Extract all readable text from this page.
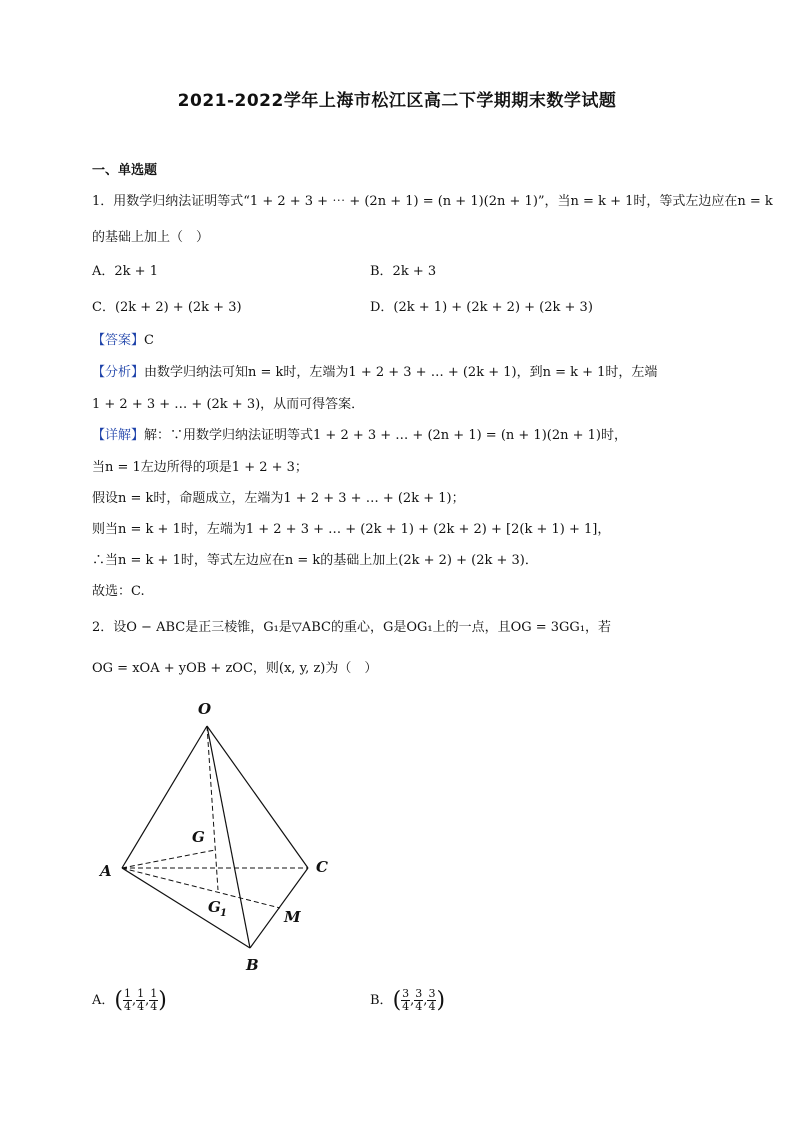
2021-2022学年上海市松江区高二下学期期末数学试题
一、单选题
1．用数学归纳法证明等式“1 + 2 + 3 + ⋯ + (2n + 1) = (n + 1)(2n + 1)”，当n = k + 1时，等式左边应在n = k
的基础上加上（　）
A．2k + 1	B．2k + 3
C．(2k + 2) + (2k + 3)	D．(2k + 1) + (2k + 2) + (2k + 3)
【答案】C
【分析】由数学归纳法可知n = k时，左端为1 + 2 + 3 + … + (2k + 1)，到n = k + 1时，左端
1 + 2 + 3 + … + (2k + 3)，从而可得答案．
【详解】解：∵用数学归纳法证明等式1 + 2 + 3 + … + (2n + 1) = (n + 1)(2n + 1)时，
当n = 1左边所得的项是1 + 2 + 3；
假设n = k时，命题成立，左端为1 + 2 + 3 + … + (2k + 1)；
则当n = k + 1时，左端为1 + 2 + 3 + … + (2k + 1) + (2k + 2) + [2(k + 1) + 1]，
∴当n = k + 1时，等式左边应在n = k的基础上加上(2k + 2) + (2k + 3)．
故选：C.
2．设O − ABC是正三棱锥，G₁是▽ABC的重心，G是OG₁上的一点，且OG = 3GG₁，若
OG = xOA + yOB + zOC，则(x, y, z)为（　）
O
A
B
C
G
G 1	M
A．( $\frac{1}{4}$ , $\frac{1}{4}$ , $\frac{1}{4}$ )	B．( $\frac{3}{4}$ , $\frac{3}{4}$ , $\frac{3}{4}$ )
